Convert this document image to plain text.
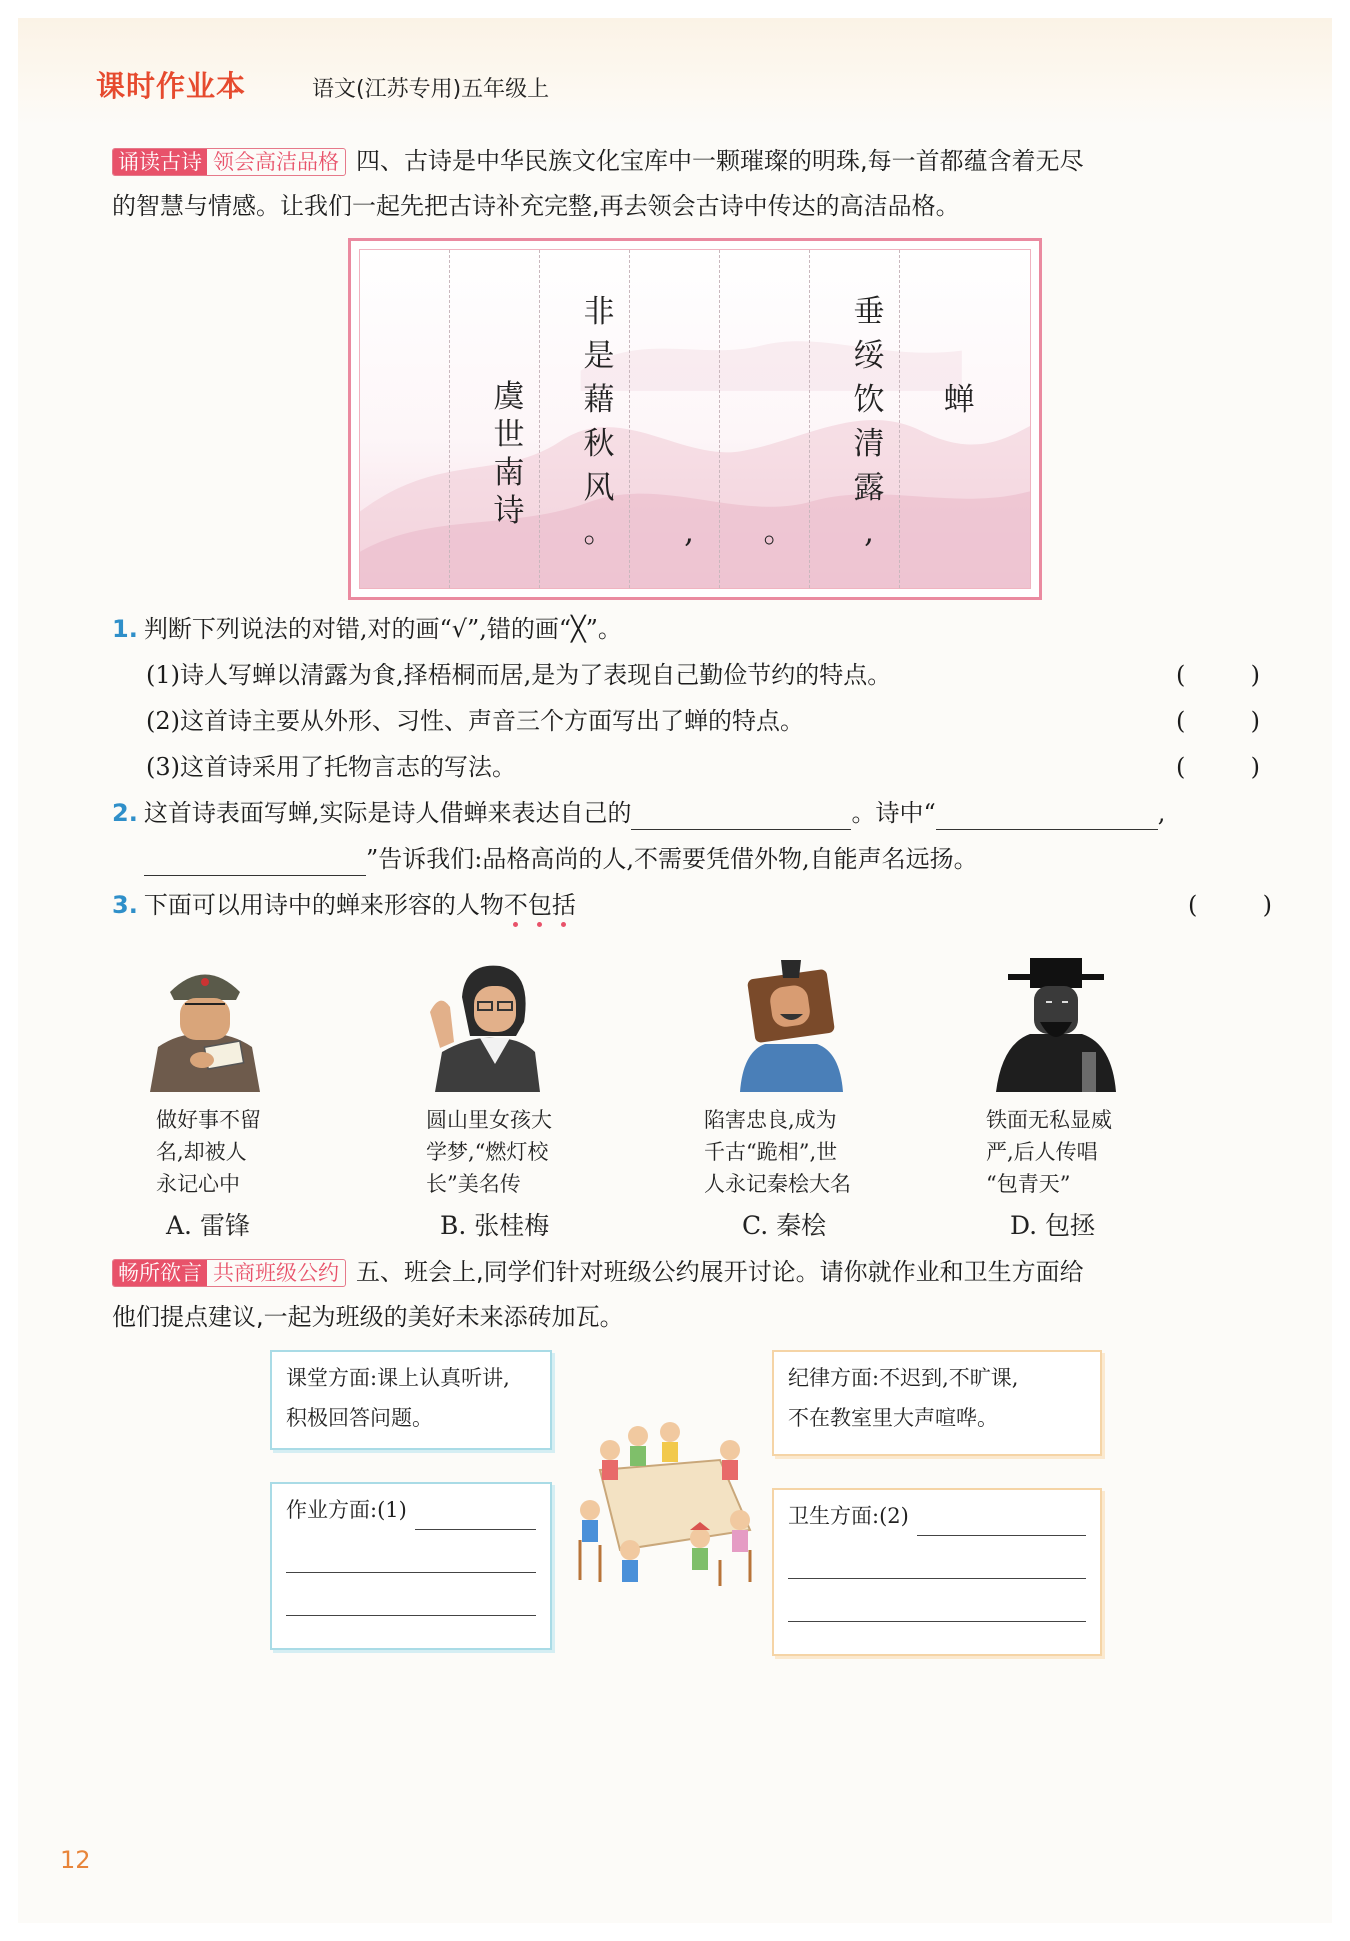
课时作业本	语文(江苏专用)五年级上
诵读古诗 领会高洁品格 四、古诗是中华民族文化宝库中一颗璀璨的明珠,每一首都蕴含着无尽
的智慧与情感。让我们一起先把古诗补充完整,再去领会古诗中传达的高洁品格。
蝉
垂
绥
饮
清
露
,
。
,
非
是
藉
秋
风
。
虞
世
南
诗
1. 判断下列说法的对错,对的画“√”,错的画“╳”。
(1)诗人写蝉以清露为食,择梧桐而居,是为了表现自己勤俭节约的特点。	(	)
(2)这首诗主要从外形、习性、声音三个方面写出了蝉的特点。	(	)
(3)这首诗采用了托物言志的写法。	(	)
2. 这首诗表面写蝉,实际是诗人借蝉来表达自己的	。诗中“	,
”告诉我们:品格高尚的人,不需要凭借外物,自能声名远扬。
3. 下面可以用诗中的蝉来形容的人物不包括	(	)
做好事不留
名,却被人
永记心中
圆山里女孩大
学梦,“燃灯校
长”美名传
陷害忠良,成为
千古“跪相”,世
人永记秦桧大名
铁面无私显威
严,后人传唱
“包青天”
A. 雷锋	B. 张桂梅	C. 秦桧	D. 包拯
畅所欲言 共商班级公约 五、班会上,同学们针对班级公约展开讨论。请你就作业和卫生方面给
他们提点建议,一起为班级的美好未来添砖加瓦。
课堂方面:课上认真听讲,
积极回答问题。
纪律方面:不迟到,不旷课,
不在教室里大声喧哗。
作业方面:(1)	卫生方面:(2)
12
